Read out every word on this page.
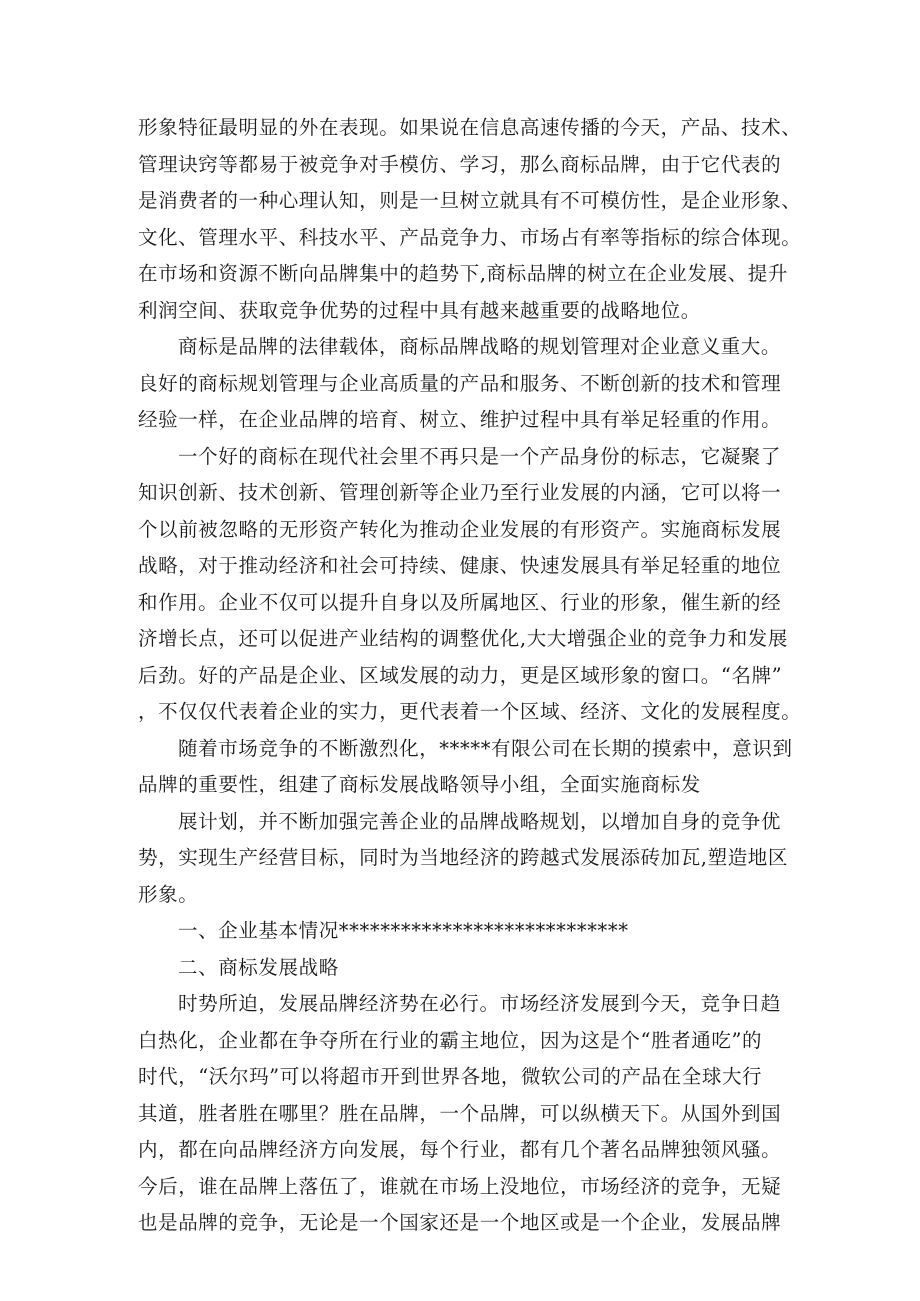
形象特征最明显的外在表现。如果说在信息高速传播的今天，产品、技术、
管理诀窍等都易于被竞争对手模仿、学习，那么商标品牌，由于它代表的
是消费者的一种心理认知，则是一旦树立就具有不可模仿性，是企业形象、
文化、管理水平、科技水平、产品竞争力、市场占有率等指标的综合体现。
在市场和资源不断向品牌集中的趋势下,商标品牌的树立在企业发展、提升
利润空间、获取竞争优势的过程中具有越来越重要的战略地位。
商标是品牌的法律载体，商标品牌战略的规划管理对企业意义重大。
良好的商标规划管理与企业高质量的产品和服务、不断创新的技术和管理
经验一样，在企业品牌的培育、树立、维护过程中具有举足轻重的作用。
一个好的商标在现代社会里不再只是一个产品身份的标志，它凝聚了
知识创新、技术创新、管理创新等企业乃至行业发展的内涵，它可以将一
个以前被忽略的无形资产转化为推动企业发展的有形资产。实施商标发展
战略，对于推动经济和社会可持续、健康、快速发展具有举足轻重的地位
和作用。企业不仅可以提升自身以及所属地区、行业的形象，催生新的经
济增长点，还可以促进产业结构的调整优化,大大增强企业的竞争力和发展
后劲。好的产品是企业、区域发展的动力，更是区域形象的窗口。“名牌”
，不仅仅代表着企业的实力，更代表着一个区域、经济、文化的发展程度。
随着市场竞争的不断激烈化，*****有限公司在长期的摸索中，意识到
品牌的重要性，组建了商标发展战略领导小组，全面实施商标发
展计划，并不断加强完善企业的品牌战略规划，以增加自身的竞争优
势，实现生产经营目标，同时为当地经济的跨越式发展添砖加瓦,塑造地区
形象。
一、企业基本情况****************************
二、商标发展战略
时势所迫，发展品牌经济势在必行。市场经济发展到今天，竞争日趋
白热化，企业都在争夺所在行业的霸主地位，因为这是个“胜者通吃”的
时代，“沃尔玛”可以将超市开到世界各地，微软公司的产品在全球大行
其道，胜者胜在哪里？胜在品牌，一个品牌，可以纵横天下。从国外到国
内，都在向品牌经济方向发展，每个行业，都有几个著名品牌独领风骚。
今后，谁在品牌上落伍了，谁就在市场上没地位，市场经济的竞争，无疑
也是品牌的竞争，无论是一个国家还是一个地区或是一个企业，发展品牌
